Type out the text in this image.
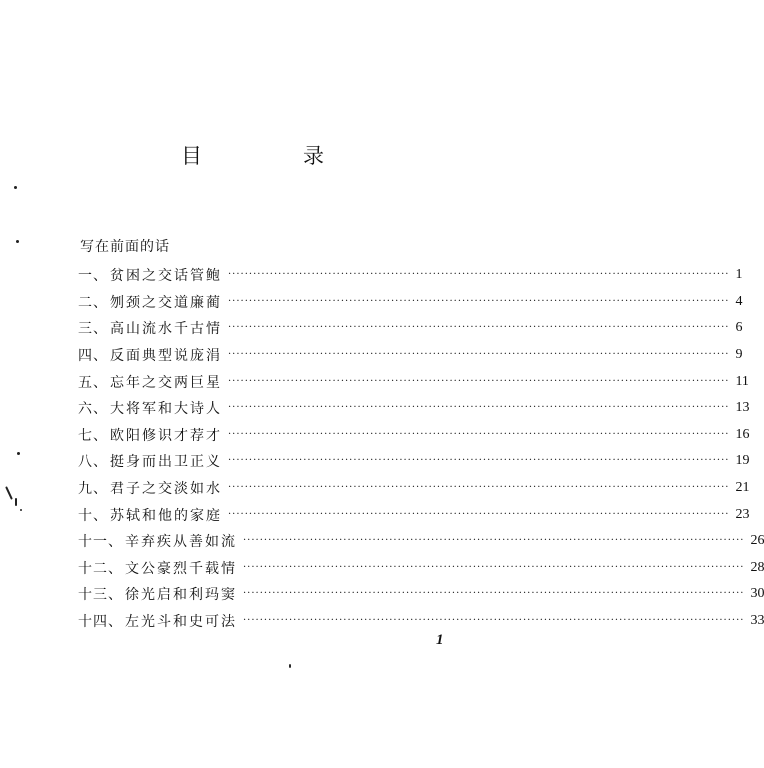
目　录
写在前面的话
一、 贫困之交话管鲍 ························································································································ 1
二、 刎颈之交道廉蔺 ························································································································ 4
三、 高山流水千古情 ························································································································ 6
四、 反面典型说庞涓 ························································································································ 9
五、 忘年之交两巨星 ························································································································ 11
六、 大将军和大诗人 ························································································································ 13
七、 欧阳修识才荐才 ························································································································ 16
八、 挺身而出卫正义 ························································································································ 19
九、 君子之交淡如水 ························································································································ 21
十、 苏轼和他的家庭 ························································································································ 23
十一、 辛弃疾从善如流 ························································································································ 26
十二、 文公豪烈千载情 ························································································································ 28
十三、 徐光启和利玛窦 ························································································································ 30
十四、 左光斗和史可法 ························································································································ 33
1
